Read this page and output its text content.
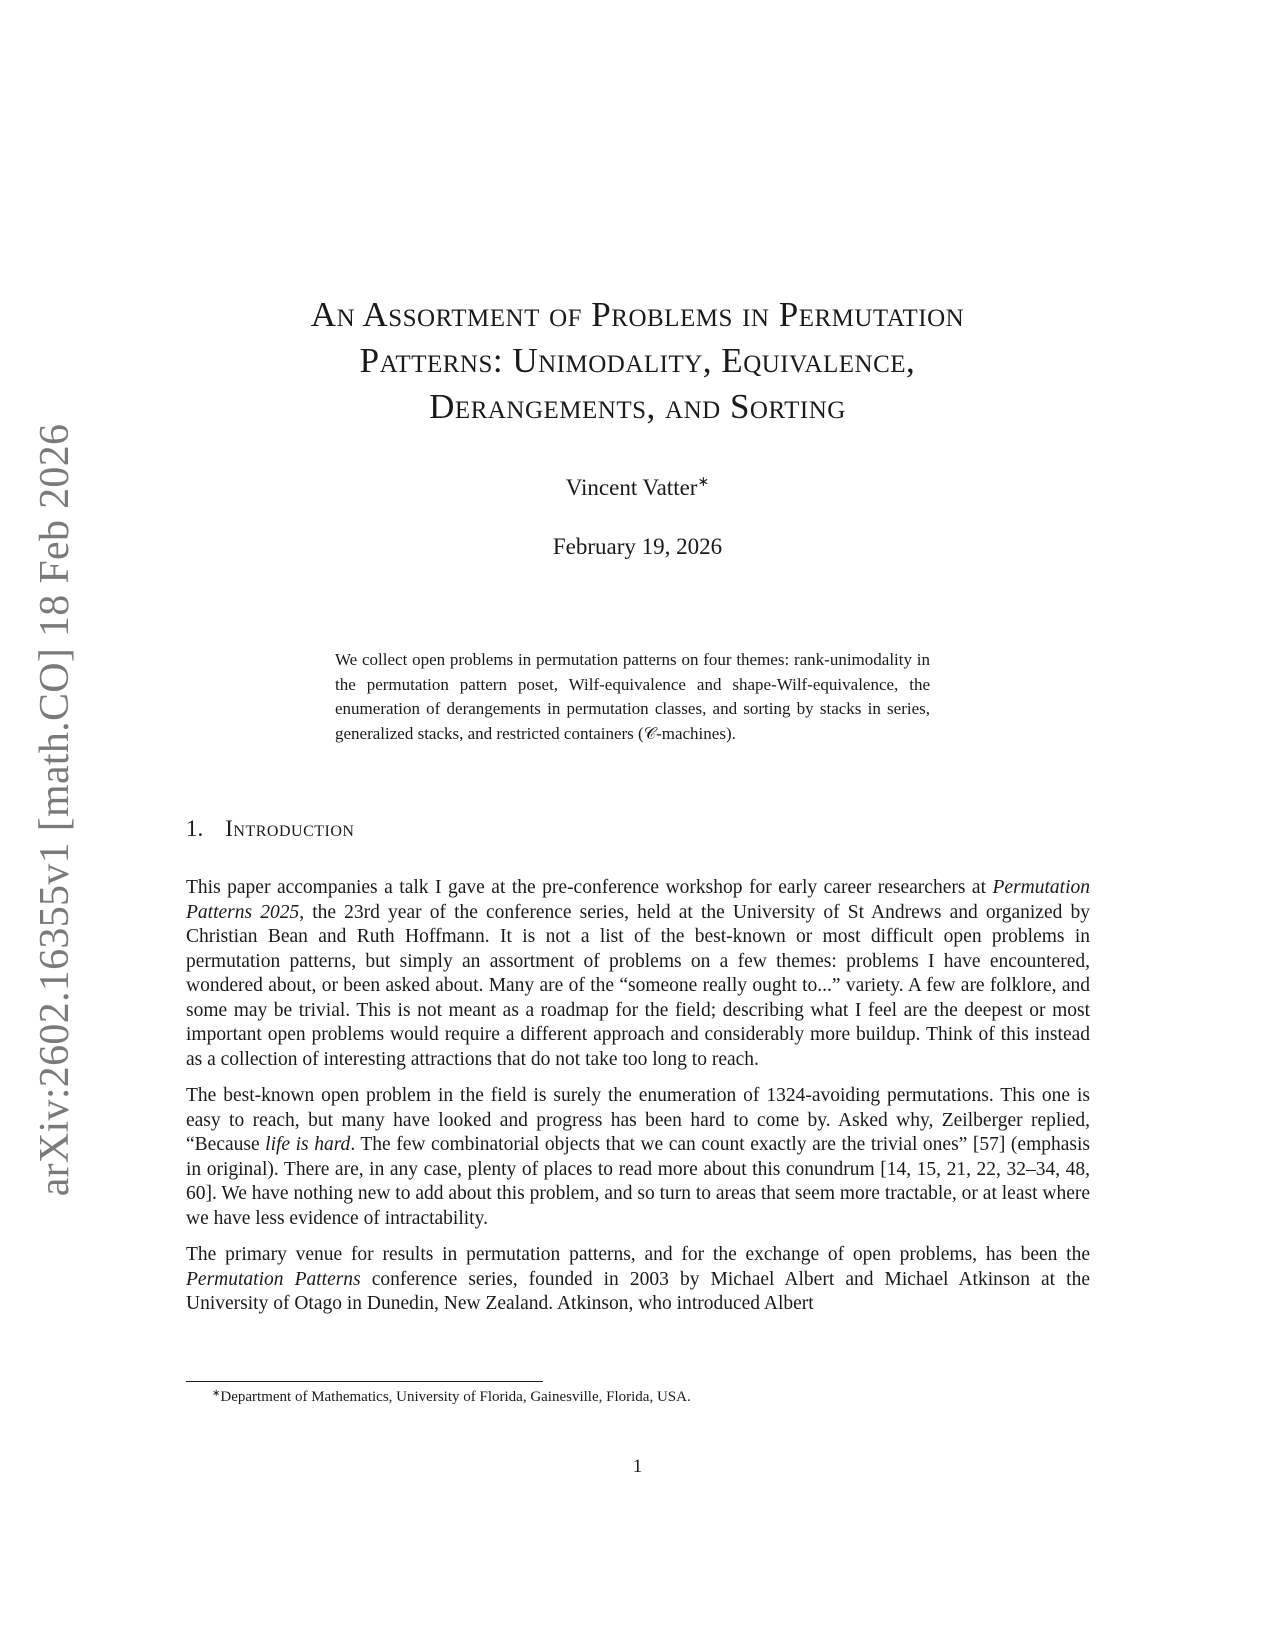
arXiv:2602.16355v1 [math.CO] 18 Feb 2026
An Assortment of Problems in Permutation
Patterns: Unimodality, Equivalence,
Derangements, and Sorting
Vincent Vatter∗
February 19, 2026
We collect open problems in permutation patterns on four themes: rank-unimodality in the permutation pattern poset, Wilf-equivalence and shape-Wilf-equivalence, the enumeration of derangements in permutation classes, and sorting by stacks in series, generalized stacks, and restricted containers (𝒞-machines).
1. Introduction

This paper accompanies a talk I gave at the pre-conference workshop for early career researchers at Permutation Patterns 2025, the 23rd year of the conference series, held at the University of St Andrews and organized by Christian Bean and Ruth Hoffmann. It is not a list of the best-known or most difficult open problems in permutation patterns, but simply an assortment of problems on a few themes: problems I have encountered, wondered about, or been asked about. Many are of the “someone really ought to...” variety. A few are folklore, and some may be trivial. This is not meant as a roadmap for the field; describing what I feel are the deepest or most important open problems would require a different approach and considerably more buildup. Think of this instead as a collection of interesting attractions that do not take too long to reach.

The best-known open problem in the field is surely the enumeration of 1324-avoiding permutations. This one is easy to reach, but many have looked and progress has been hard to come by. Asked why, Zeilberger replied, “Because life is hard. The few combinatorial objects that we can count exactly are the trivial ones” [57] (emphasis in original). There are, in any case, plenty of places to read more about this conundrum [14, 15, 21, 22, 32–34, 48, 60]. We have nothing new to add about this problem, and so turn to areas that seem more tractable, or at least where we have less evidence of intractability.

The primary venue for results in permutation patterns, and for the exchange of open problems, has been the Permutation Patterns conference series, founded in 2003 by Michael Albert and Michael Atkinson at the University of Otago in Dunedin, New Zealand. Atkinson, who introduced Albert

∗Department of Mathematics, University of Florida, Gainesville, Florida, USA.
1
